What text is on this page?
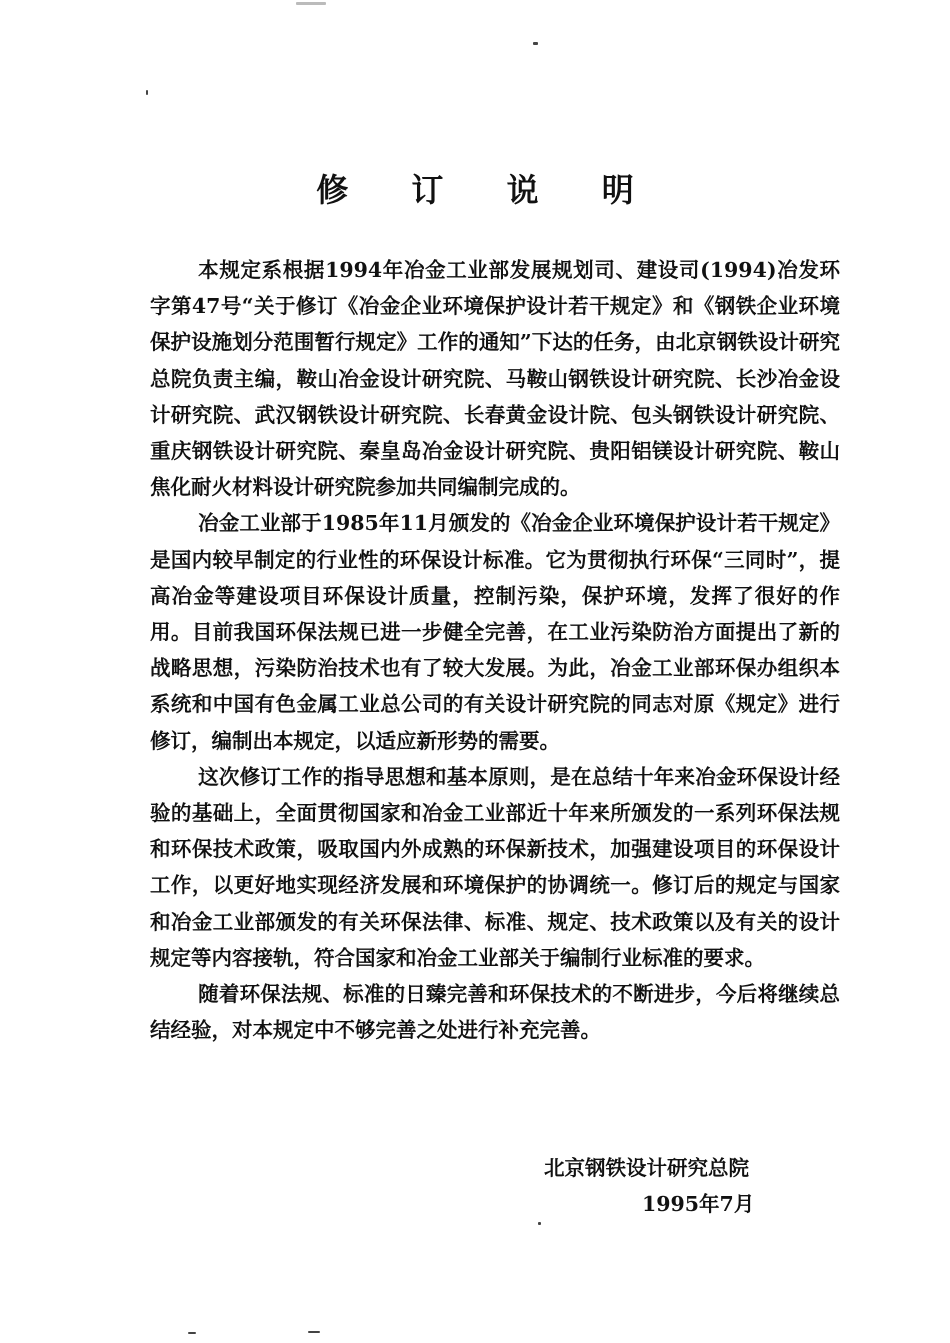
修 订 说 明

本规定系根据1994年冶金工业部发展规划司、建设司(1994)冶发环字第47号“关于修订《冶金企业环境保护设计若干规定》和《钢铁企业环境保护设施划分范围暂行规定》工作的通知”下达的任务，由北京钢铁设计研究总院负责主编，鞍山冶金设计研究院、马鞍山钢铁设计研究院、长沙冶金设计研究院、武汉钢铁设计研究院、长春黄金设计院、包头钢铁设计研究院、重庆钢铁设计研究院、秦皇岛冶金设计研究院、贵阳铝镁设计研究院、鞍山焦化耐火材料设计研究院参加共同编制完成的。

冶金工业部于1985年11月颁发的《冶金企业环境保护设计若干规定》是国内较早制定的行业性的环保设计标准。它为贯彻执行环保“三同时”，提高冶金等建设项目环保设计质量，控制污染，保护环境，发挥了很好的作用。目前我国环保法规已进一步健全完善，在工业污染防治方面提出了新的战略思想，污染防治技术也有了较大发展。为此，冶金工业部环保办组织本系统和中国有色金属工业总公司的有关设计研究院的同志对原《规定》进行修订，编制出本规定，以适应新形势的需要。

这次修订工作的指导思想和基本原则，是在总结十年来冶金环保设计经验的基础上，全面贯彻国家和冶金工业部近十年来所颁发的一系列环保法规和环保技术政策，吸取国内外成熟的环保新技术，加强建设项目的环保设计工作，以更好地实现经济发展和环境保护的协调统一。修订后的规定与国家和冶金工业部颁发的有关环保法律、标准、规定、技术政策以及有关的设计规定等内容接轨，符合国家和冶金工业部关于编制行业标准的要求。

随着环保法规、标准的日臻完善和环保技术的不断进步，今后将继续总结经验，对本规定中不够完善之处进行补充完善。

北京钢铁设计研究总院
1995年7月
